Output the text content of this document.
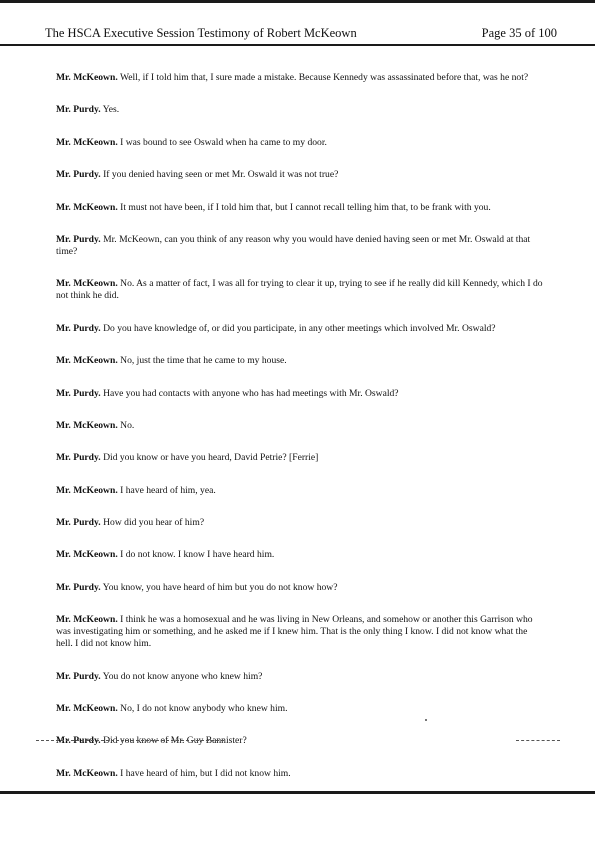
The HSCA Executive Session Testimony of Robert McKeown	Page 35 of 100

Mr. McKeown. Well, if I told him that, I sure made a mistake. Because Kennedy was assassinated before that, was he not?

Mr. Purdy. Yes.

Mr. McKeown. I was bound to see Oswald when ha came to my door.

Mr. Purdy. If you denied having seen or met Mr. Oswald it was not true?

Mr. McKeown. It must not have been, if I told him that, but I cannot recall telling him that, to be frank with you.

Mr. Purdy. Mr. McKeown, can you think of any reason why you would have denied having seen or met Mr. Oswald at that time?

Mr. McKeown. No. As a matter of fact, I was all for trying to clear it up, trying to see if he really did kill Kennedy, which I do not think he did.

Mr. Purdy. Do you have knowledge of, or did you participate, in any other meetings which involved Mr. Oswald?

Mr. McKeown. No, just the time that he came to my house.

Mr. Purdy. Have you had contacts with anyone who has had meetings with Mr. Oswald?

Mr. McKeown. No.

Mr. Purdy. Did you know or have you heard, David Petrie? [Ferrie]

Mr. McKeown. I have heard of him, yea.

Mr. Purdy. How did you hear of him?

Mr. McKeown. I do not know. I know I have heard him.

Mr. Purdy. You know, you have heard of him but you do not know how?

Mr. McKeown. I think he was a homosexual and he was living in New Orleans, and somehow or another this Garrison who was investigating him or something, and he asked me if I knew him. That is the only thing I know. I did not know what the hell. I did not know him.

Mr. Purdy. You do not know anyone who knew him?

Mr. McKeown. No, I do not know anybody who knew him.

Mr. Purdy. Did you know of Mr. Guy Bannister?

Mr. McKeown. I have heard of him, but I did not know him.
